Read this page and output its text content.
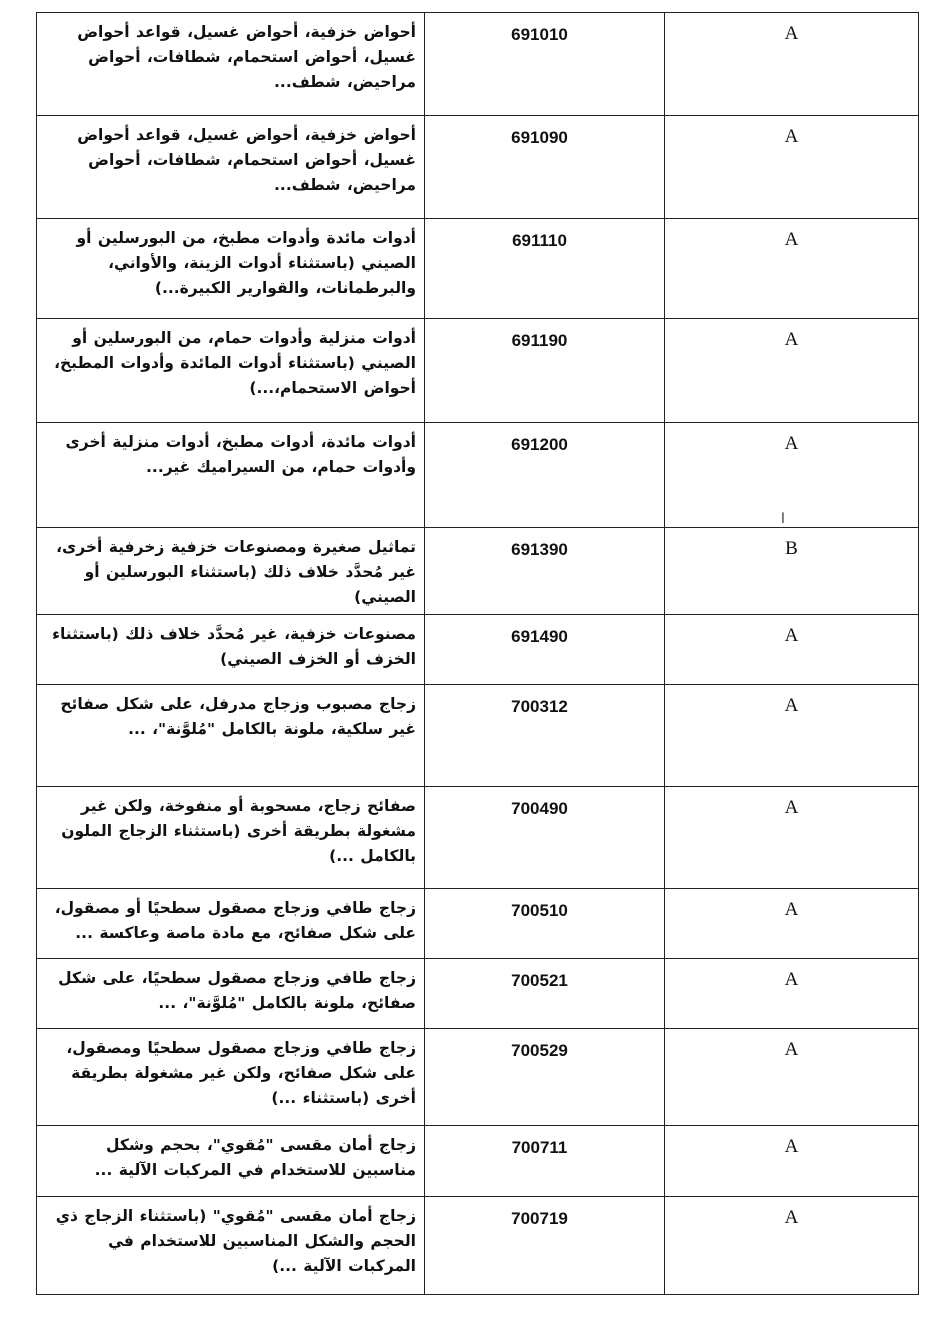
أحواض خزفية، أحواض غسيل، قواعد أحواض غسيل، أحواض استحمام، شطافات، أحواض مراحيض، شطف...	691010	A
أحواض خزفية، أحواض غسيل، قواعد أحواض غسيل، أحواض استحمام، شطافات، أحواض مراحيض، شطف...	691090	A
أدوات مائدة وأدوات مطبخ، من البورسلين أو الصيني (باستثناء أدوات الزينة، والأواني، والبرطمانات، والقوارير الكبيرة...)	691110	A
أدوات منزلية وأدوات حمام، من البورسلين أو الصيني (باستثناء أدوات المائدة وأدوات المطبخ، أحواض الاستحمام،...)	691190	A
أدوات مائدة، أدوات مطبخ، أدوات منزلية أخرى وأدوات حمام، من السيراميك غير...	691200	A
ا

تماثيل صغيرة ومصنوعات خزفية زخرفية أخرى، غير مُحدَّد خلاف ذلك (باستثناء البورسلين أو الصيني)	691390	B
مصنوعات خزفية، غير مُحدَّد خلاف ذلك (باستثناء الخزف أو الخزف الصيني)	691490	A
زجاج مصبوب وزجاج مدرفل، على شكل صفائح غير سلكية، ملونة بالكامل "مُلوَّنة"، ...	700312	A
صفائح زجاج، مسحوبة أو منفوخة، ولكن غير مشغولة بطريقة أخرى (باستثناء الزجاج الملون بالكامل ...)	700490	A
زجاج طافي وزجاج مصقول سطحيًا أو مصقول، على شكل صفائح، مع مادة ماصة وعاكسة ...	700510	A
زجاج طافي وزجاج مصقول سطحيًا، على شكل صفائح، ملونة بالكامل "مُلوَّنة"، ...	700521	A
زجاج طافي وزجاج مصقول سطحيًا ومصقول، على شكل صفائح، ولكن غير مشغولة بطريقة أخرى (باستثناء ...)	700529	A
زجاج أمان مقسى "مُقوي"، بحجم وشكل مناسبين للاستخدام في المركبات الآلية ...	700711	A
زجاج أمان مقسى "مُقوي" (باستثناء الزجاج ذي الحجم والشكل المناسبين للاستخدام في المركبات الآلية ...)	700719	A
